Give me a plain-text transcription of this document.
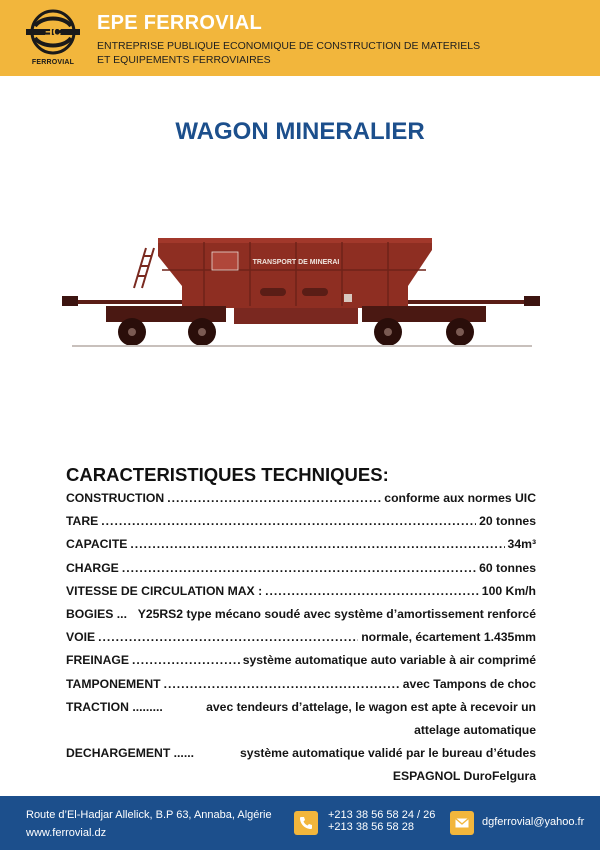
ƎC
FERROVIAL
EPE FERROVIAL
ENTREPRISE PUBLIQUE ECONOMIQUE DE CONSTRUCTION DE MATERIELS
ET EQUIPEMENTS FERROVIAIRES
WAGON MINERALIER
TRANSPORT DE MINERAI
CARACTERISTIQUES TECHNIQUES:
CONSTRUCTION .....	conforme aux normes UIC
TARE .....	20 tonnes
CAPACITE .....	34m³
CHARGE .....	60 tonnes
VITESSE DE CIRCULATION MAX : .....	100 Km/h
BOGIES ... Y25RS2 type mécano soudé avec système d’amortissement renforcé
VOIE .....	normale, écartement 1.435mm
FREINAGE .....	système automatique auto variable à air comprimé
TAMPONEMENT .....	avec Tampons de choc
TRACTION .........	avec tendeurs d’attelage, le wagon est apte à recevoir un
attelage automatique
DECHARGEMENT ......	système automatique validé par le bureau d’études
ESPAGNOL DuroFelgura
Route d’El-Hadjar Allelick, B.P 63, Annaba, Algérie
www.ferrovial.dz
+213 38 56 58 24 / 26
+213 38 56 58 28	dgferrovial@yahoo.fr
